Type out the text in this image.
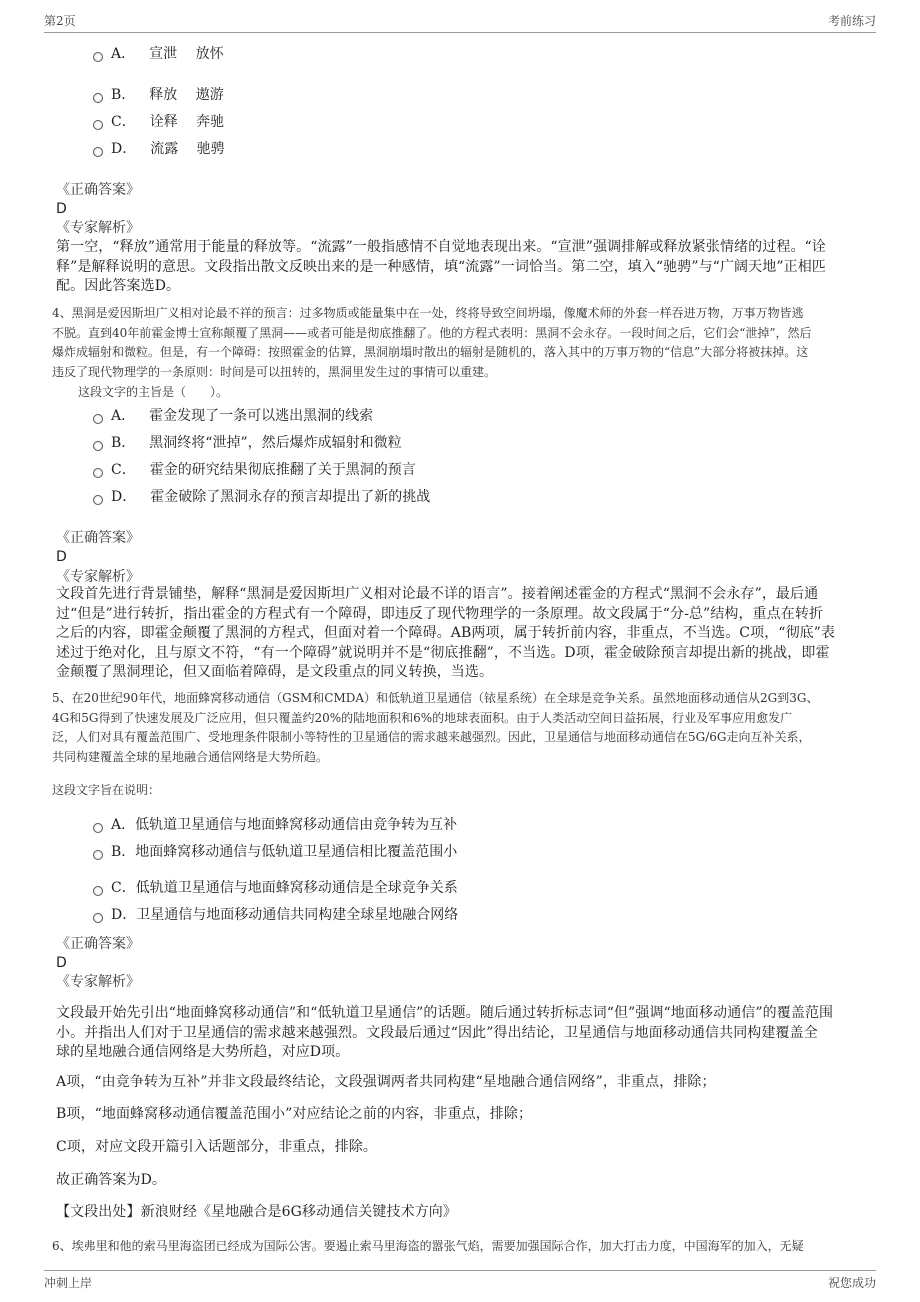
第2页	考前练习
A． 宣泄　 放怀
B． 释放　 遨游
C． 诠释　 奔驰
D． 流露　 驰骋
《正确答案》
D
《专家解析》
第一空，“释放”通常用于能量的释放等。“流露”一般指感情不自觉地表现出来。“宣泄”强调排解或释放紧张情绪的过程。“诠
释”是解释说明的意思。文段指出散文反映出来的是一种感情，填“流露”一词恰当。第二空，填入“驰骋”与“广阔天地”正相匹
配。因此答案选D。
4、黑洞是爱因斯坦广义相对论最不祥的预言：过多物质或能量集中在一处，终将导致空间坍塌，像魔术师的外套一样吞进万物，万事万物皆逃
不脱。直到40年前霍金博士宣称颠覆了黑洞——或者可能是彻底推翻了。他的方程式表明：黑洞不会永存。一段时间之后，它们会“泄掉”，然后
爆炸成辐射和微粒。但是，有一个障碍：按照霍金的估算，黑洞崩塌时散出的辐射是随机的，落入其中的万事万物的“信息”大部分将被抹掉。这
违反了现代物理学的一条原则：时间是可以扭转的，黑洞里发生过的事情可以重建。
这段文字的主旨是（　　）。
A． 霍金发现了一条可以逃出黑洞的线索
B． 黑洞终将“泄掉”，然后爆炸成辐射和微粒
C． 霍金的研究结果彻底推翻了关于黑洞的预言
D． 霍金破除了黑洞永存的预言却提出了新的挑战
《正确答案》
D
《专家解析》
文段首先进行背景铺垫，解释“黑洞是爱因斯坦广义相对论最不详的语言”。接着阐述霍金的方程式“黑洞不会永存”，最后通
过“但是”进行转折，指出霍金的方程式有一个障碍，即违反了现代物理学的一条原理。故文段属于“分-总”结构，重点在转折
之后的内容，即霍金颠覆了黑洞的方程式，但面对着一个障碍。AB两项，属于转折前内容，非重点，不当选。C项，“彻底”表
述过于绝对化，且与原文不符，“有一个障碍”就说明并不是“彻底推翻”，不当选。D项，霍金破除预言却提出新的挑战，即霍
金颠覆了黑洞理论，但又面临着障碍，是文段重点的同义转换，当选。
5、在20世纪90年代，地面蜂窝移动通信（GSM和CMDA）和低轨道卫星通信（铱星系统）在全球是竞争关系。虽然地面移动通信从2G到3G、
4G和5G得到了快速发展及广泛应用，但只覆盖约20%的陆地面积和6%的地球表面积。由于人类活动空间日益拓展，行业及军事应用愈发广
泛，人们对具有覆盖范围广、受地理条件限制小等特性的卫星通信的需求越来越强烈。因此，卫星通信与地面移动通信在5G/6G走向互补关系，
共同构建覆盖全球的星地融合通信网络是大势所趋。
这段文字旨在说明：
A． 低轨道卫星通信与地面蜂窝移动通信由竞争转为互补
B． 地面蜂窝移动通信与低轨道卫星通信相比覆盖范围小
C． 低轨道卫星通信与地面蜂窝移动通信是全球竞争关系
D． 卫星通信与地面移动通信共同构建全球星地融合网络
《正确答案》
D
《专家解析》
文段最开始先引出“地面蜂窝移动通信”和“低轨道卫星通信”的话题。随后通过转折标志词“但”强调“地面移动通信”的覆盖范围
小。并指出人们对于卫星通信的需求越来越强烈。文段最后通过“因此”得出结论，卫星通信与地面移动通信共同构建覆盖全
球的星地融合通信网络是大势所趋，对应D项。
A项，“由竞争转为互补”并非文段最终结论，文段强调两者共同构建“星地融合通信网络”，非重点，排除；
B项，“地面蜂窝移动通信覆盖范围小”对应结论之前的内容，非重点，排除；
C项，对应文段开篇引入话题部分，非重点，排除。
故正确答案为D。
【文段出处】新浪财经《星地融合是6G移动通信关键技术方向》
6、埃弗里和他的索马里海盗团已经成为国际公害。要遏止索马里海盗的嚣张气焰，需要加强国际合作，加大打击力度，中国海军的加入，无疑
冲刺上岸	祝您成功
